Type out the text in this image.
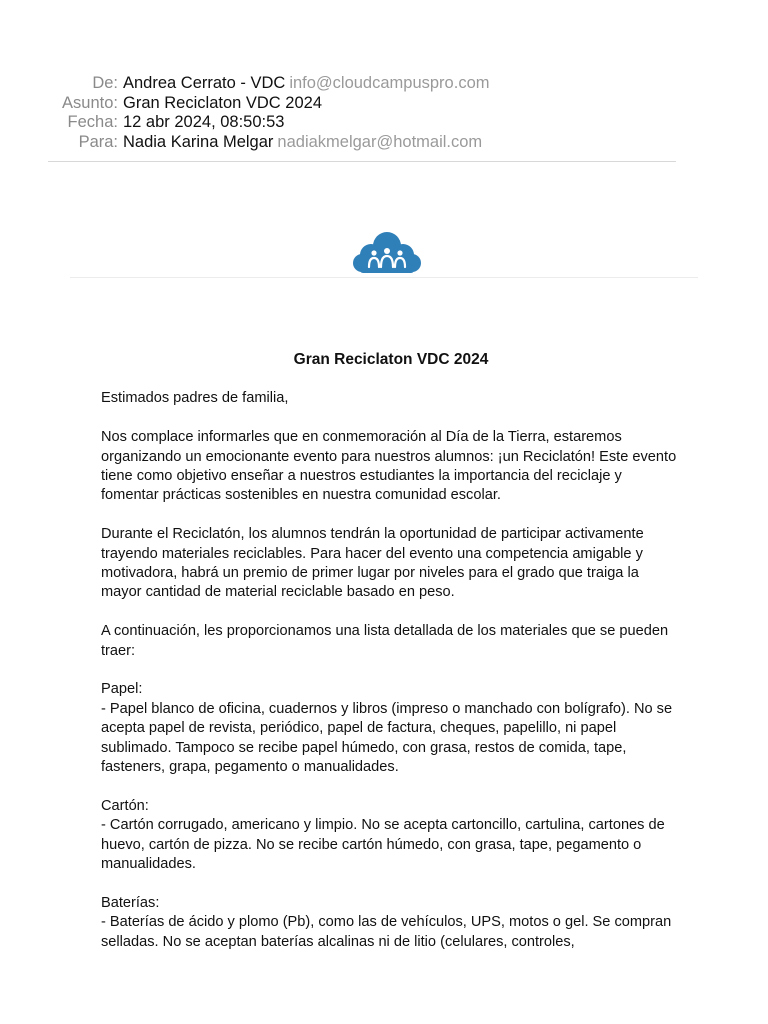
De: Andrea Cerrato - VDC info@cloudcampuspro.com
Asunto: Gran Reciclaton VDC 2024
Fecha: 12 abr 2024, 08:50:53
Para: Nadia Karina Melgar nadiakmelgar@hotmail.com
Gran Reciclaton VDC 2024

Estimados padres de familia,

Nos complace informarles que en conmemoración al Día de la Tierra, estaremos organizando un emocionante evento para nuestros alumnos: ¡un Reciclatón! Este evento tiene como objetivo enseñar a nuestros estudiantes la importancia del reciclaje y fomentar prácticas sostenibles en nuestra comunidad escolar.

Durante el Reciclatón, los alumnos tendrán la oportunidad de participar activamente trayendo materiales reciclables. Para hacer del evento una competencia amigable y motivadora, habrá un premio de primer lugar por niveles para el grado que traiga la mayor cantidad de material reciclable basado en peso.

A continuación, les proporcionamos una lista detallada de los materiales que se pueden traer:

Papel:

- Papel blanco de oficina, cuadernos y libros (impreso o manchado con bolígrafo). No se acepta papel de revista, periódico, papel de factura, cheques, papelillo, ni papel sublimado. Tampoco se recibe papel húmedo, con grasa, restos de comida, tape, fasteners, grapa, pegamento o manualidades.

Cartón:

- Cartón corrugado, americano y limpio. No se acepta cartoncillo, cartulina, cartones de huevo, cartón de pizza. No se recibe cartón húmedo, con grasa, tape, pegamento o manualidades.

Baterías:

- Baterías de ácido y plomo (Pb), como las de vehículos, UPS, motos o gel. Se compran selladas. No se aceptan baterías alcalinas ni de litio (celulares, controles,
